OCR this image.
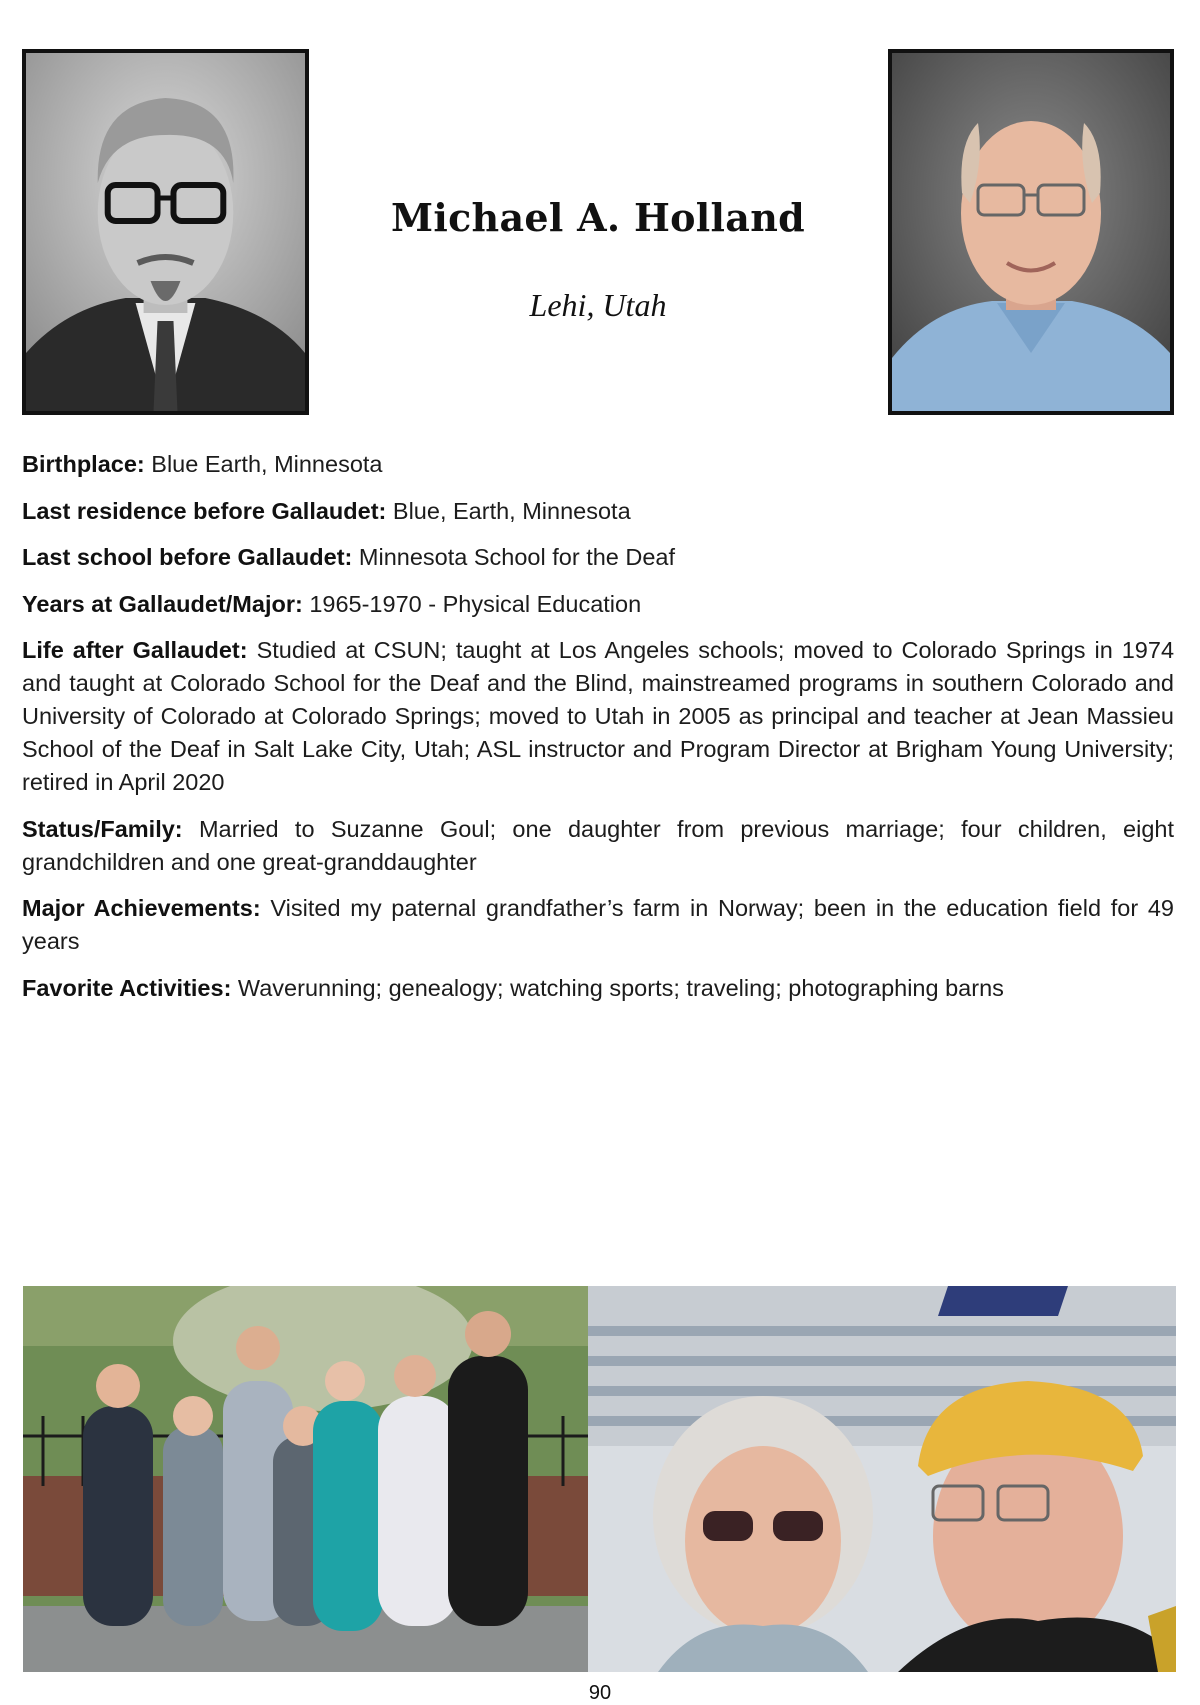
Michael A. Holland
Lehi, Utah

Birthplace: Blue Earth, Minnesota

Last residence before Gallaudet: Blue, Earth, Minnesota

Last school before Gallaudet: Minnesota School for the Deaf

Years at Gallaudet/Major: 1965-1970 - Physical Education

Life after Gallaudet: Studied at CSUN; taught at Los Angeles schools; moved to Colorado Springs in 1974 and taught at Colorado School for the Deaf and the Blind, mainstreamed programs in southern Colorado and University of Colorado at Colorado Springs; moved to Utah in 2005 as principal and teacher at Jean Massieu School of the Deaf in Salt Lake City, Utah; ASL instructor and Program Director at Brigham Young University; retired in April 2020

Status/Family: Married to Suzanne Goul; one daughter from previous marriage; four children, eight grandchildren and one great-granddaughter

Major Achievements: Visited my paternal grandfather’s farm in Norway; been in the education field for 49 years

Favorite Activities: Waverunning; genealogy; watching sports; traveling; photographing barns

90
